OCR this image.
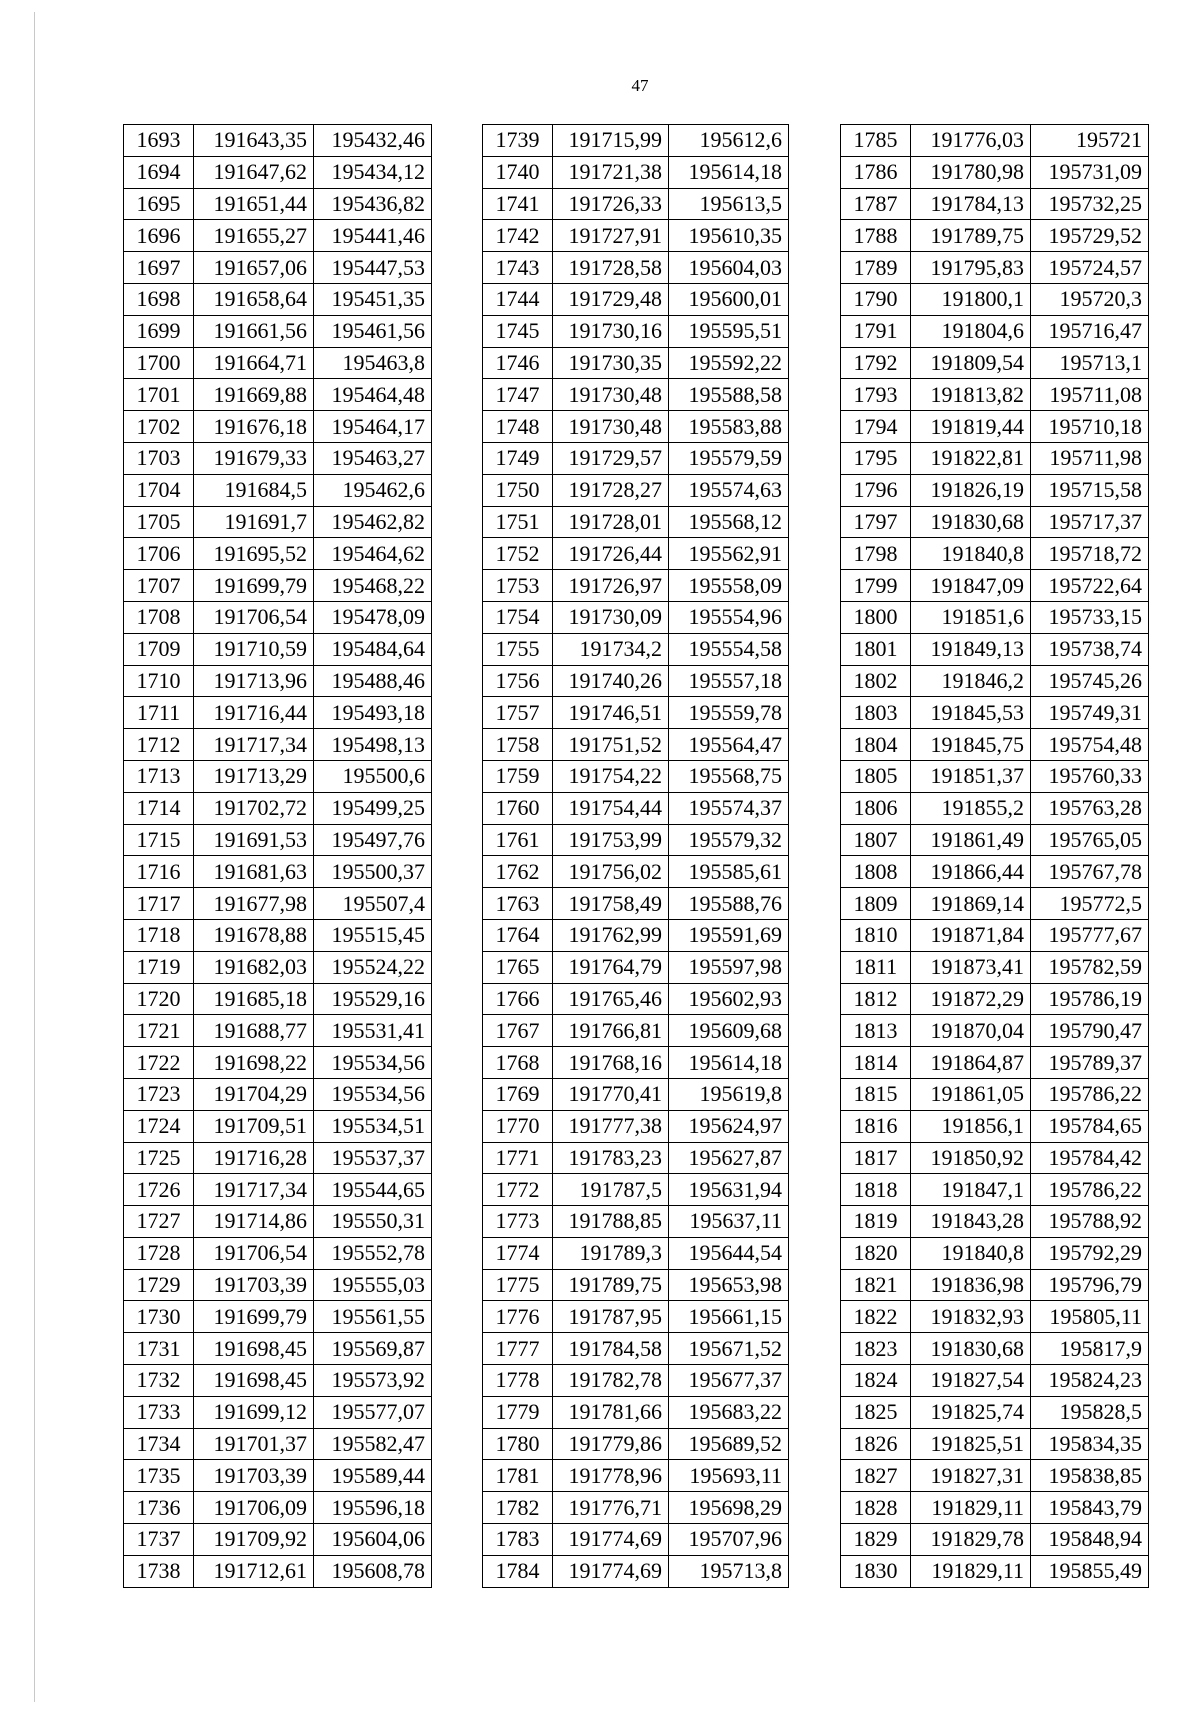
47
1693	191643,35	195432,46
1694	191647,62	195434,12
1695	191651,44	195436,82
1696	191655,27	195441,46
1697	191657,06	195447,53
1698	191658,64	195451,35
1699	191661,56	195461,56
1700	191664,71	195463,8
1701	191669,88	195464,48
1702	191676,18	195464,17
1703	191679,33	195463,27
1704	191684,5	195462,6
1705	191691,7	195462,82
1706	191695,52	195464,62
1707	191699,79	195468,22
1708	191706,54	195478,09
1709	191710,59	195484,64
1710	191713,96	195488,46
1711	191716,44	195493,18
1712	191717,34	195498,13
1713	191713,29	195500,6
1714	191702,72	195499,25
1715	191691,53	195497,76
1716	191681,63	195500,37
1717	191677,98	195507,4
1718	191678,88	195515,45
1719	191682,03	195524,22
1720	191685,18	195529,16
1721	191688,77	195531,41
1722	191698,22	195534,56
1723	191704,29	195534,56
1724	191709,51	195534,51
1725	191716,28	195537,37
1726	191717,34	195544,65
1727	191714,86	195550,31
1728	191706,54	195552,78
1729	191703,39	195555,03
1730	191699,79	195561,55
1731	191698,45	195569,87
1732	191698,45	195573,92
1733	191699,12	195577,07
1734	191701,37	195582,47
1735	191703,39	195589,44
1736	191706,09	195596,18
1737	191709,92	195604,06
1738	191712,61	195608,78
1739	191715,99	195612,6
1740	191721,38	195614,18
1741	191726,33	195613,5
1742	191727,91	195610,35
1743	191728,58	195604,03
1744	191729,48	195600,01
1745	191730,16	195595,51
1746	191730,35	195592,22
1747	191730,48	195588,58
1748	191730,48	195583,88
1749	191729,57	195579,59
1750	191728,27	195574,63
1751	191728,01	195568,12
1752	191726,44	195562,91
1753	191726,97	195558,09
1754	191730,09	195554,96
1755	191734,2	195554,58
1756	191740,26	195557,18
1757	191746,51	195559,78
1758	191751,52	195564,47
1759	191754,22	195568,75
1760	191754,44	195574,37
1761	191753,99	195579,32
1762	191756,02	195585,61
1763	191758,49	195588,76
1764	191762,99	195591,69
1765	191764,79	195597,98
1766	191765,46	195602,93
1767	191766,81	195609,68
1768	191768,16	195614,18
1769	191770,41	195619,8
1770	191777,38	195624,97
1771	191783,23	195627,87
1772	191787,5	195631,94
1773	191788,85	195637,11
1774	191789,3	195644,54
1775	191789,75	195653,98
1776	191787,95	195661,15
1777	191784,58	195671,52
1778	191782,78	195677,37
1779	191781,66	195683,22
1780	191779,86	195689,52
1781	191778,96	195693,11
1782	191776,71	195698,29
1783	191774,69	195707,96
1784	191774,69	195713,8
1785	191776,03	195721
1786	191780,98	195731,09
1787	191784,13	195732,25
1788	191789,75	195729,52
1789	191795,83	195724,57
1790	191800,1	195720,3
1791	191804,6	195716,47
1792	191809,54	195713,1
1793	191813,82	195711,08
1794	191819,44	195710,18
1795	191822,81	195711,98
1796	191826,19	195715,58
1797	191830,68	195717,37
1798	191840,8	195718,72
1799	191847,09	195722,64
1800	191851,6	195733,15
1801	191849,13	195738,74
1802	191846,2	195745,26
1803	191845,53	195749,31
1804	191845,75	195754,48
1805	191851,37	195760,33
1806	191855,2	195763,28
1807	191861,49	195765,05
1808	191866,44	195767,78
1809	191869,14	195772,5
1810	191871,84	195777,67
1811	191873,41	195782,59
1812	191872,29	195786,19
1813	191870,04	195790,47
1814	191864,87	195789,37
1815	191861,05	195786,22
1816	191856,1	195784,65
1817	191850,92	195784,42
1818	191847,1	195786,22
1819	191843,28	195788,92
1820	191840,8	195792,29
1821	191836,98	195796,79
1822	191832,93	195805,11
1823	191830,68	195817,9
1824	191827,54	195824,23
1825	191825,74	195828,5
1826	191825,51	195834,35
1827	191827,31	195838,85
1828	191829,11	195843,79
1829	191829,78	195848,94
1830	191829,11	195855,49
